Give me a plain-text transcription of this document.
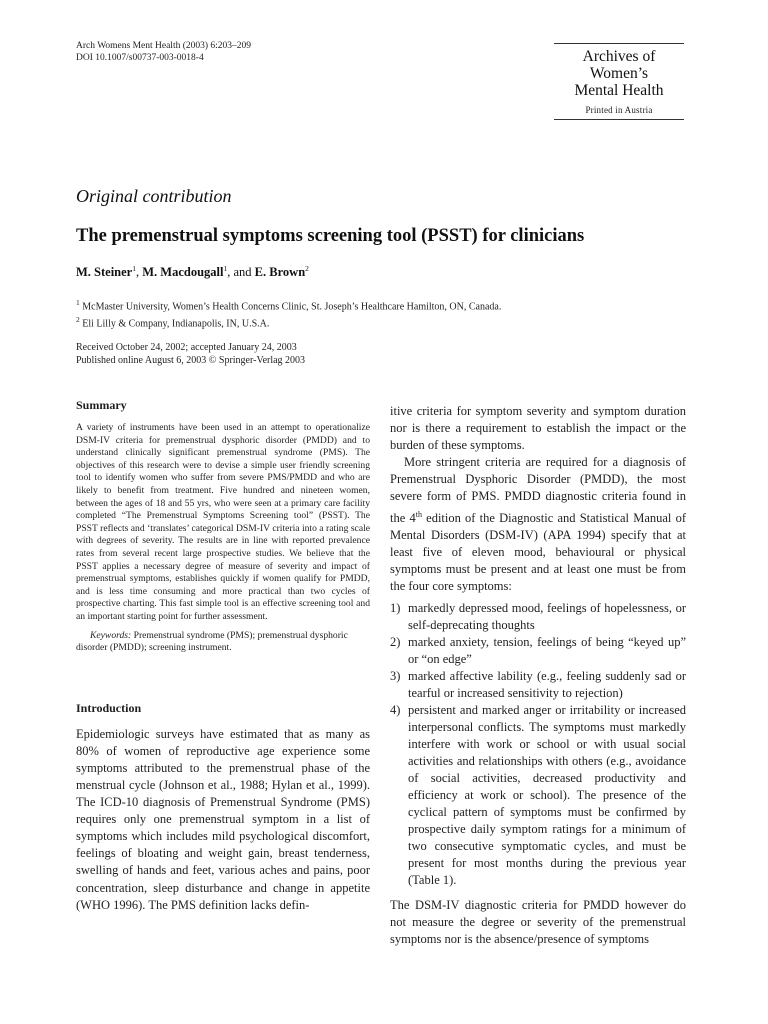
Arch Womens Ment Health (2003) 6:203–209
DOI 10.1007/s00737-003-0018-4	Archives of
Women’s
Mental Health
Printed in Austria
Original contribution
The premenstrual symptoms screening tool (PSST) for clinicians
M. Steiner$^1$, M. Macdougall$^1$, and E. Brown$^2$
$^1$ McMaster University, Women’s Health Concerns Clinic, St. Joseph’s Healthcare Hamilton, ON, Canada.
$^2$ Eli Lilly & Company, Indianapolis, IN, U.S.A.
Received October 24, 2002; accepted January 24, 2003
Published online August 6, 2003 © Springer-Verlag 2003
Summary
A variety of instruments have been used in an attempt to operationalize DSM-IV criteria for premenstrual dysphoric disorder (PMDD) and to understand clinically significant premenstrual syndrome (PMS). The objectives of this research were to devise a simple user friendly screening tool to identify women who suffer from severe PMS/PMDD and who are likely to benefit from treatment. Five hundred and nineteen women, between the ages of 18 and 55 yrs, who were seen at a primary care facility completed “The Premenstrual Symptoms Screening tool” (PSST). The PSST reflects and ‘translates’ categorical DSM-IV criteria into a rating scale with degrees of severity. The results are in line with reported prevalence rates from several recent large prospective studies. We believe that the PSST applies a necessary degree of measure of severity and impact of premenstrual symptoms, establishes quickly if women qualify for PMDD, and is less time consuming and more practical than two cycles of prospective charting. This fast simple tool is an effective screening tool and an important starting point for further assessment.
Keywords: Premenstrual syndrome (PMS); premenstrual dysphoric disorder (PMDD); screening instrument.
Introduction

Epidemiologic surveys have estimated that as many as 80% of women of reproductive age experience some symptoms attributed to the premenstrual phase of the menstrual cycle (Johnson et al., 1988; Hylan et al., 1999). The ICD-10 diagnosis of Premenstrual Syndrome (PMS) requires only one premenstrual symptom in a list of symptoms which includes mild psychological discomfort, feelings of bloating and weight gain, breast tenderness, swelling of hands and feet, various aches and pains, poor concentration, sleep disturbance and change in appetite (WHO 1996). The PMS definition lacks defin-

itive criteria for symptom severity and symptom duration nor is there a requirement to establish the impact or the burden of these symptoms.

More stringent criteria are required for a diagnosis of Premenstrual Dysphoric Disorder (PMDD), the most severe form of PMS. PMDD diagnostic criteria found in the 4th edition of the Diagnostic and Statistical Manual of Mental Disorders (DSM-IV) (APA 1994) specify that at least five of eleven mood, behavioural or physical symptoms must be present and at least one must be from the four core symptoms:

1) markedly depressed mood, feelings of hopelessness, or self-deprecating thoughts
2) marked anxiety, tension, feelings of being “keyed up” or “on edge”
3) marked affective lability (e.g., feeling suddenly sad or tearful or increased sensitivity to rejection)
4) persistent and marked anger or irritability or increased interpersonal conflicts. The symptoms must markedly interfere with work or school or with usual social activities and relationships with others (e.g., avoidance of social activities, decreased productivity and efficiency at work or school). The presence of the cyclical pattern of symptoms must be confirmed by prospective daily symptom ratings for a minimum of two consecutive symptomatic cycles, and must be present for most months during the previous year (Table 1).

The DSM-IV diagnostic criteria for PMDD however do not measure the degree or severity of the premenstrual symptoms nor is the absence/presence of symptoms
